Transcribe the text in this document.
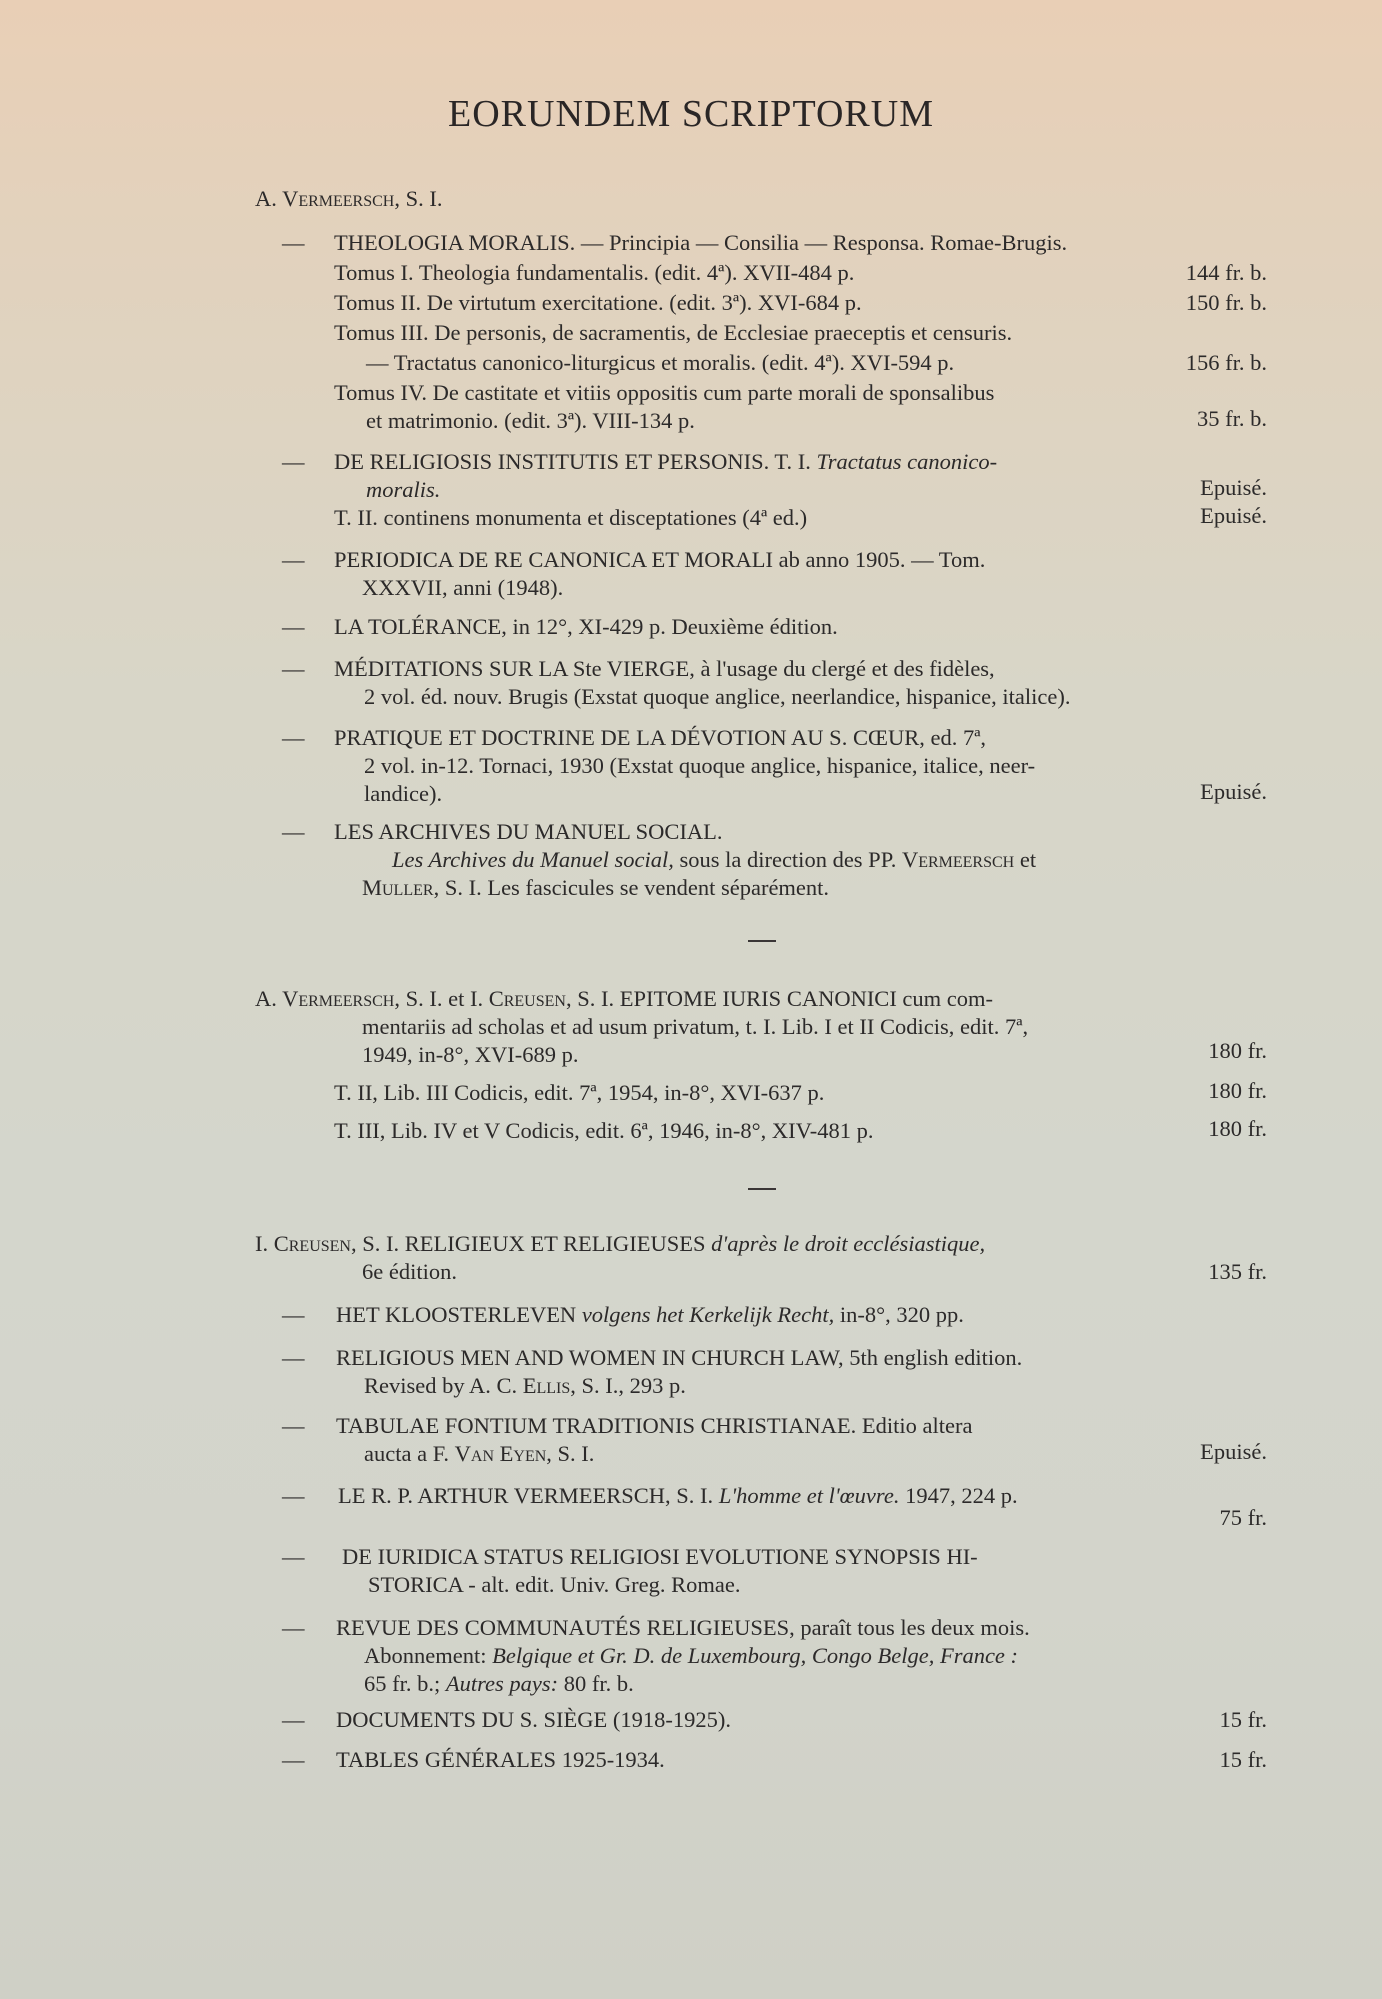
EORUNDEM SCRIPTORUM
A. Vermeersch, S. I.
— THEOLOGIA MORALIS. — Principia — Consilia — Responsa. Romae-Brugis.
Tomus I. Theologia fundamentalis. (edit. 4ª). XVII-484 p.	144 fr. b.
Tomus II. De virtutum exercitatione. (edit. 3ª). XVI-684 p.	150 fr. b.
Tomus III. De personis, de sacramentis, de Ecclesiae praeceptis et censuris.
— Tractatus canonico-liturgicus et moralis. (edit. 4ª). XVI-594 p.	156 fr. b.
Tomus IV. De castitate et vitiis oppositis cum parte morali de sponsalibus
et matrimonio. (edit. 3ª). VIII-134 p.	35 fr. b.
— DE RELIGIOSIS INSTITUTIS ET PERSONIS. T. I. Tractatus canonico-
moralis.	Epuisé.
T. II. continens monumenta et disceptationes (4ª ed.)	Epuisé.
— PERIODICA DE RE CANONICA ET MORALI ab anno 1905. — Tom.
XXXVII, anni (1948).
— LA TOLÉRANCE, in 12°, XI-429 p. Deuxième édition.
— MÉDITATIONS SUR LA Ste VIERGE, à l'usage du clergé et des fidèles,
2 vol. éd. nouv. Brugis (Exstat quoque anglice, neerlandice, hispanice, italice).
— PRATIQUE ET DOCTRINE DE LA DÉVOTION AU S. CŒUR, ed. 7ª,
2 vol. in-12. Tornaci, 1930 (Exstat quoque anglice, hispanice, italice, neer-
landice).	Epuisé.
— LES ARCHIVES DU MANUEL SOCIAL.
Les Archives du Manuel social, sous la direction des PP. Vermeersch et
Muller, S. I. Les fascicules se vendent séparément.
A. Vermeersch, S. I. et I. Creusen, S. I. EPITOME IURIS CANONICI cum com-
mentariis ad scholas et ad usum privatum, t. I. Lib. I et II Codicis, edit. 7ª,
1949, in-8°, XVI-689 p.	180 fr.
T. II, Lib. III Codicis, edit. 7ª, 1954, in-8°, XVI-637 p.	180 fr.
T. III, Lib. IV et V Codicis, edit. 6ª, 1946, in-8°, XIV-481 p.	180 fr.
I. Creusen, S. I. RELIGIEUX ET RELIGIEUSES d'après le droit ecclésiastique,
6e édition.	135 fr.
— HET KLOOSTERLEVEN volgens het Kerkelijk Recht, in-8°, 320 pp.
— RELIGIOUS MEN AND WOMEN IN CHURCH LAW, 5th english edition.
Revised by A. C. Ellis, S. I., 293 p.
— TABULAE FONTIUM TRADITIONIS CHRISTIANAE. Editio altera
aucta a F. Van Eyen, S. I.	Epuisé.
— LE R. P. ARTHUR VERMEERSCH, S. I. L'homme et l'œuvre. 1947, 224 p.
75 fr.
— DE IURIDICA STATUS RELIGIOSI EVOLUTIONE SYNOPSIS HI-
STORICA - alt. edit. Univ. Greg. Romae.
— REVUE DES COMMUNAUTÉS RELIGIEUSES, paraît tous les deux mois.
Abonnement: Belgique et Gr. D. de Luxembourg, Congo Belge, France :
65 fr. b.; Autres pays: 80 fr. b.
— DOCUMENTS DU S. SIÈGE (1918-1925).	15 fr.
— TABLES GÉNÉRALES 1925-1934.	15 fr.
